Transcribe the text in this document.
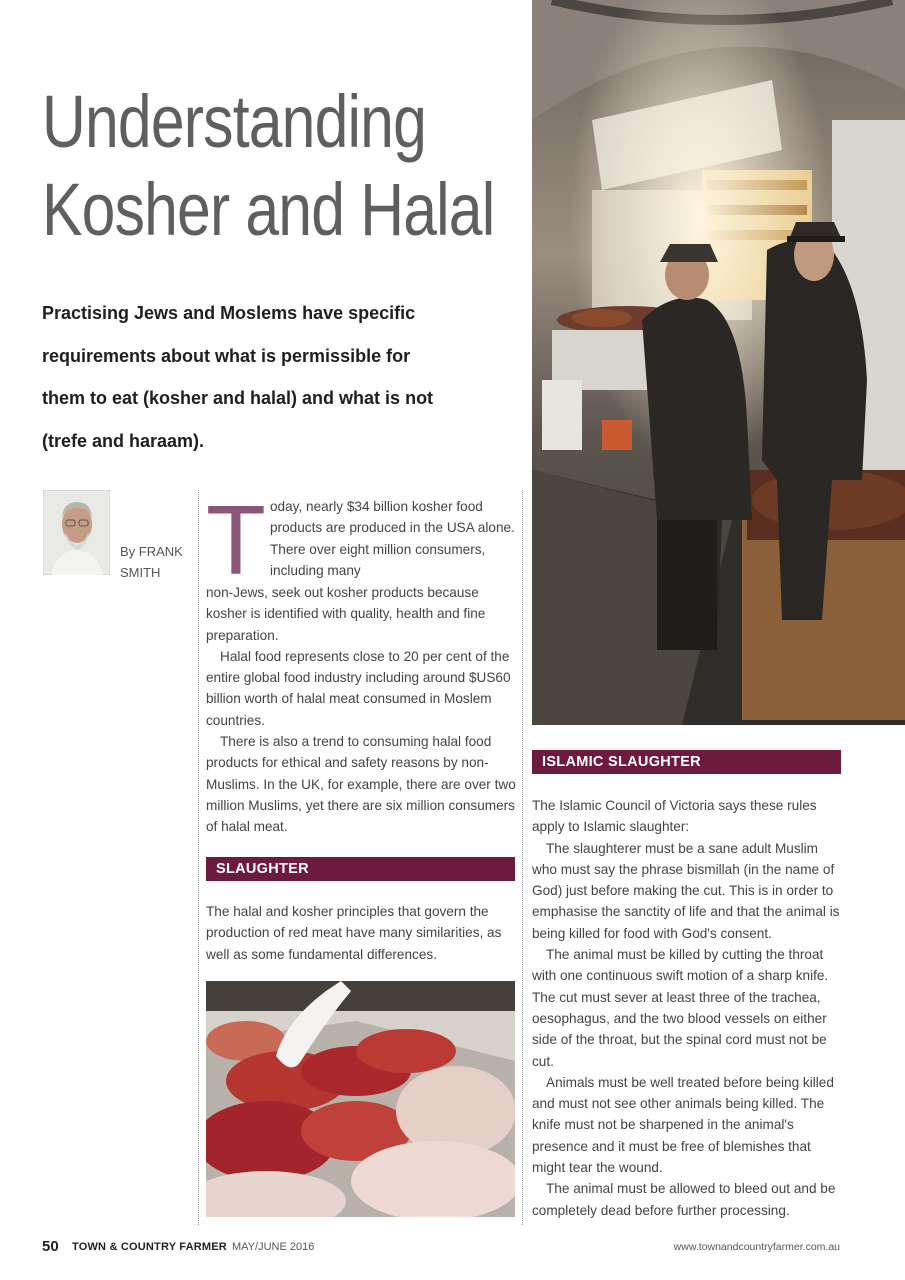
Understanding
Kosher and Halal
Practising Jews and Moslems have specific
requirements about what is permissible for
them to eat (kosher and halal) and what is not
(trefe and haraam).
By FRANK
SMITH T oday, nearly $34 billion kosher food products are produced in the USA alone. There over eight million consumers, including many

non-Jews, seek out kosher products because kosher is identified with quality, health and fine preparation.

Halal food represents close to 20 per cent of the entire global food industry including around $US60 billion worth of halal meat consumed in Moslem countries.

There is also a trend to consuming halal food products for ethical and safety reasons by non-Muslims. In the UK, for example, there are over two million Muslims, yet there are six million consumers of halal meat.

SLAUGHTER

The halal and kosher principles that govern the production of red meat have many similarities, as well as some fundamental differences.

ISLAMIC SLAUGHTER

The Islamic Council of Victoria says these rules apply to Islamic slaughter:

The slaughterer must be a sane adult Muslim who must say the phrase bismillah (in the name of God) just before making the cut. This is in order to emphasise the sanctity of life and that the animal is being killed for food with God's consent.

The animal must be killed by cutting the throat with one continuous swift motion of a sharp knife. The cut must sever at least three of the trachea, oesophagus, and the two blood vessels on either side of the throat, but the spinal cord must not be cut.

Animals must be well treated before being killed and must not see other animals being killed. The knife must not be sharpened in the animal's presence and it must be free of blemishes that might tear the wound.

The animal must be allowed to bleed out and be completely dead before further processing.

50 TOWN & COUNTRY FARMER MAY/JUNE 2016	www.townandcountryfarmer.com.au
